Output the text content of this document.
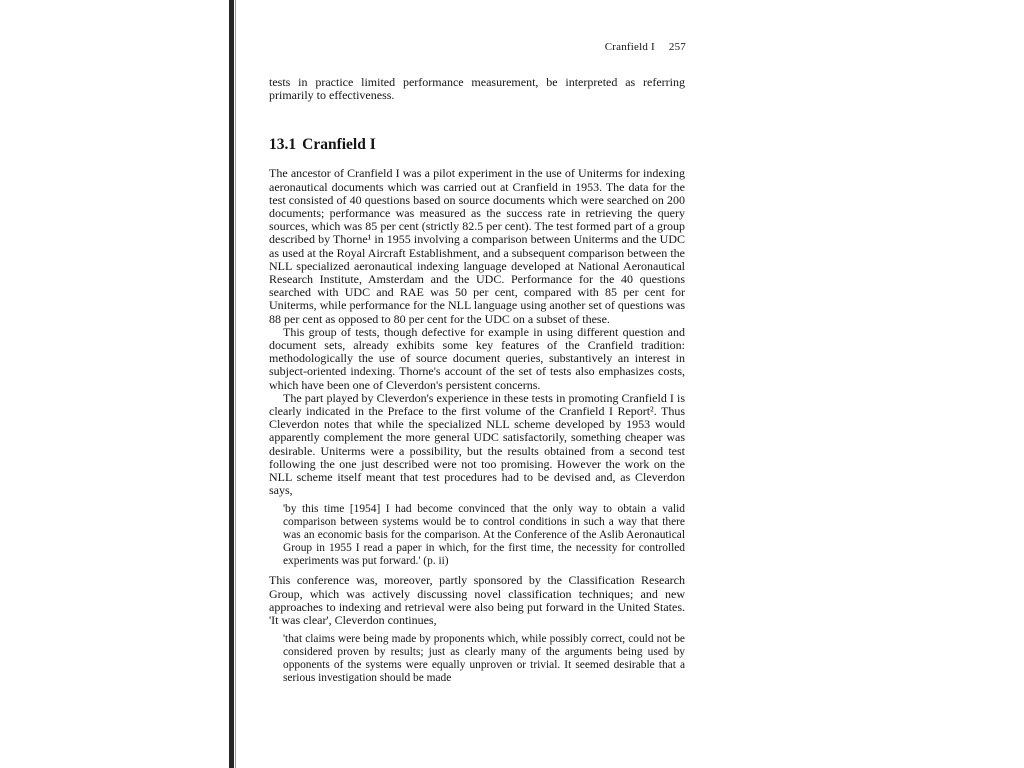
Cranfield I 257

tests in practice limited performance measurement, be interpreted as referring primarily to effectiveness.

13.1 Cranfield I

The ancestor of Cranfield I was a pilot experiment in the use of Uniterms for indexing aeronautical documents which was carried out at Cranfield in 1953. The data for the test consisted of 40 questions based on source documents which were searched on 200 documents; performance was measured as the success rate in retrieving the query sources, which was 85 per cent (strictly 82.5 per cent). The test formed part of a group described by Thorne¹ in 1955 involving a comparison between Uniterms and the UDC as used at the Royal Aircraft Establishment, and a subsequent comparison between the NLL specialized aeronautical indexing language developed at National Aeronautical Research Institute, Amsterdam and the UDC. Performance for the 40 questions searched with UDC and RAE was 50 per cent, compared with 85 per cent for Uniterms, while performance for the NLL language using another set of questions was 88 per cent as opposed to 80 per cent for the UDC on a subset of these.

This group of tests, though defective for example in using different question and document sets, already exhibits some key features of the Cranfield tradition: methodologically the use of source document queries, substantively an interest in subject-oriented indexing. Thorne's account of the set of tests also emphasizes costs, which have been one of Cleverdon's persistent concerns.

The part played by Cleverdon's experience in these tests in promoting Cranfield I is clearly indicated in the Preface to the first volume of the Cranfield I Report². Thus Cleverdon notes that while the specialized NLL scheme developed by 1953 would apparently complement the more general UDC satisfactorily, something cheaper was desirable. Uniterms were a possibility, but the results obtained from a second test following the one just described were not too promising. However the work on the NLL scheme itself meant that test procedures had to be devised and, as Cleverdon says,

'by this time [1954] I had become convinced that the only way to obtain a valid comparison between systems would be to control conditions in such a way that there was an economic basis for the comparison. At the Conference of the Aslib Aeronautical Group in 1955 I read a paper in which, for the first time, the necessity for controlled experiments was put forward.' (p. ii)

This conference was, moreover, partly sponsored by the Classification Research Group, which was actively discussing novel classification techniques; and new approaches to indexing and retrieval were also being put forward in the United States. 'It was clear', Cleverdon continues,

'that claims were being made by proponents which, while possibly correct, could not be considered proven by results; just as clearly many of the arguments being used by opponents of the systems were equally unproven or trivial. It seemed desirable that a serious investigation should be made
